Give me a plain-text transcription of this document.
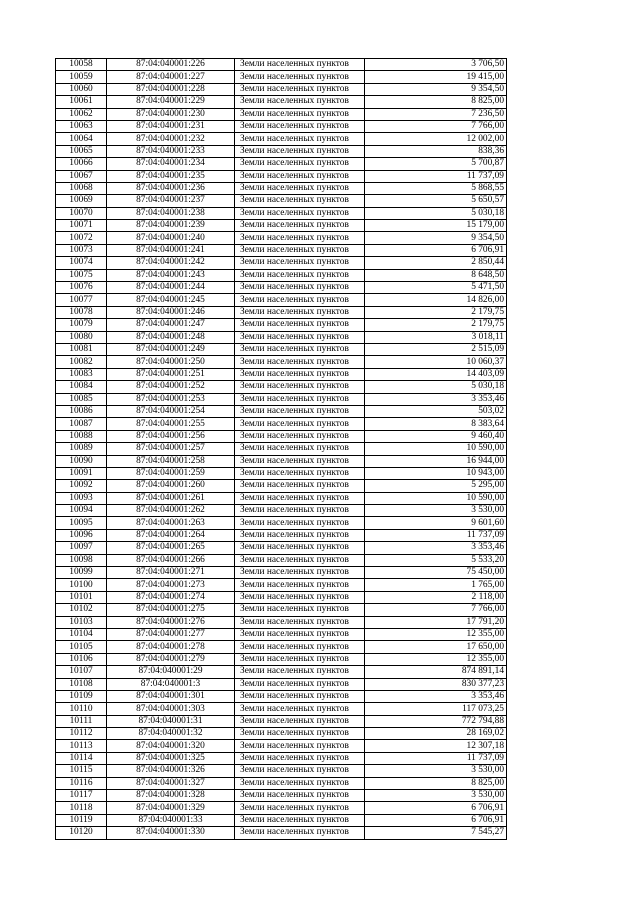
10058	87:04:040001:226	Земли населенных пунктов	3 706,50
10059	87:04:040001:227	Земли населенных пунктов	19 415,00
10060	87:04:040001:228	Земли населенных пунктов	9 354,50
10061	87:04:040001:229	Земли населенных пунктов	8 825,00
10062	87:04:040001:230	Земли населенных пунктов	7 236,50
10063	87:04:040001:231	Земли населенных пунктов	7 766,00
10064	87:04:040001:232	Земли населенных пунктов	12 002,00
10065	87:04:040001:233	Земли населенных пунктов	838,36
10066	87:04:040001:234	Земли населенных пунктов	5 700,87
10067	87:04:040001:235	Земли населенных пунктов	11 737,09
10068	87:04:040001:236	Земли населенных пунктов	5 868,55
10069	87:04:040001:237	Земли населенных пунктов	5 650,57
10070	87:04:040001:238	Земли населенных пунктов	5 030,18
10071	87:04:040001:239	Земли населенных пунктов	15 179,00
10072	87:04:040001:240	Земли населенных пунктов	9 354,50
10073	87:04:040001:241	Земли населенных пунктов	6 706,91
10074	87:04:040001:242	Земли населенных пунктов	2 850,44
10075	87:04:040001:243	Земли населенных пунктов	8 648,50
10076	87:04:040001:244	Земли населенных пунктов	5 471,50
10077	87:04:040001:245	Земли населенных пунктов	14 826,00
10078	87:04:040001:246	Земли населенных пунктов	2 179,75
10079	87:04:040001:247	Земли населенных пунктов	2 179,75
10080	87:04:040001:248	Земли населенных пунктов	3 018,11
10081	87:04:040001:249	Земли населенных пунктов	2 515,09
10082	87:04:040001:250	Земли населенных пунктов	10 060,37
10083	87:04:040001:251	Земли населенных пунктов	14 403,09
10084	87:04:040001:252	Земли населенных пунктов	5 030,18
10085	87:04:040001:253	Земли населенных пунктов	3 353,46
10086	87:04:040001:254	Земли населенных пунктов	503,02
10087	87:04:040001:255	Земли населенных пунктов	8 383,64
10088	87:04:040001:256	Земли населенных пунктов	9 460,40
10089	87:04:040001:257	Земли населенных пунктов	10 590,00
10090	87:04:040001:258	Земли населенных пунктов	16 944,00
10091	87:04:040001:259	Земли населенных пунктов	10 943,00
10092	87:04:040001:260	Земли населенных пунктов	5 295,00
10093	87:04:040001:261	Земли населенных пунктов	10 590,00
10094	87:04:040001:262	Земли населенных пунктов	3 530,00
10095	87:04:040001:263	Земли населенных пунктов	9 601,60
10096	87:04:040001:264	Земли населенных пунктов	11 737,09
10097	87:04:040001:265	Земли населенных пунктов	3 353,46
10098	87:04:040001:266	Земли населенных пунктов	5 533,20
10099	87:04:040001:271	Земли населенных пунктов	75 450,00
10100	87:04:040001:273	Земли населенных пунктов	1 765,00
10101	87:04:040001:274	Земли населенных пунктов	2 118,00
10102	87:04:040001:275	Земли населенных пунктов	7 766,00
10103	87:04:040001:276	Земли населенных пунктов	17 791,20
10104	87:04:040001:277	Земли населенных пунктов	12 355,00
10105	87:04:040001:278	Земли населенных пунктов	17 650,00
10106	87:04:040001:279	Земли населенных пунктов	12 355,00
10107	87:04:040001:29	Земли населенных пунктов	874 891,14
10108	87:04:040001:3	Земли населенных пунктов	830 377,23
10109	87:04:040001:301	Земли населенных пунктов	3 353,46
10110	87:04:040001:303	Земли населенных пунктов	117 073,25
10111	87:04:040001:31	Земли населенных пунктов	772 794,88
10112	87:04:040001:32	Земли населенных пунктов	28 169,02
10113	87:04:040001:320	Земли населенных пунктов	12 307,18
10114	87:04:040001:325	Земли населенных пунктов	11 737,09
10115	87:04:040001:326	Земли населенных пунктов	3 530,00
10116	87:04:040001:327	Земли населенных пунктов	8 825,00
10117	87:04:040001:328	Земли населенных пунктов	3 530,00
10118	87:04:040001:329	Земли населенных пунктов	6 706,91
10119	87:04:040001:33	Земли населенных пунктов	6 706,91
10120	87:04:040001:330	Земли населенных пунктов	7 545,27
